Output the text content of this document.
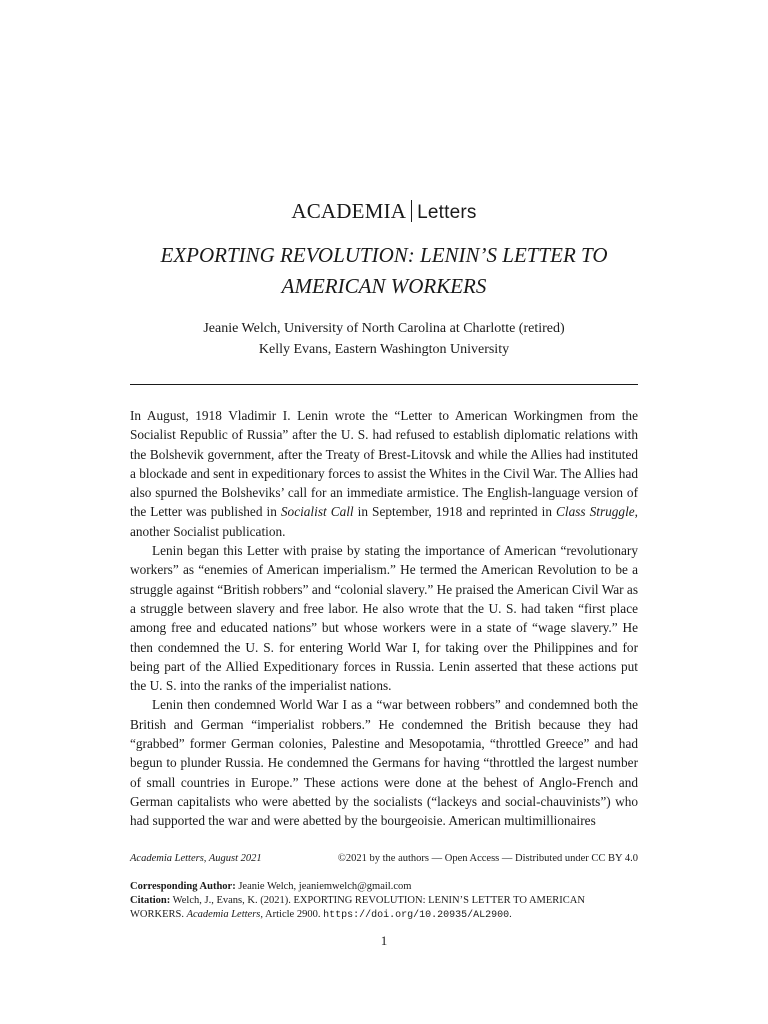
ACADEMIA Letters
EXPORTING REVOLUTION: LENIN’S LETTER TO
AMERICAN WORKERS
Jeanie Welch, University of North Carolina at Charlotte (retired)
Kelly Evans, Eastern Washington University

In August, 1918 Vladimir I. Lenin wrote the “Letter to American Workingmen from the Socialist Republic of Russia” after the U. S. had refused to establish diplomatic relations with the Bolshevik government, after the Treaty of Brest-Litovsk and while the Allies had instituted a blockade and sent in expeditionary forces to assist the Whites in the Civil War. The Allies had also spurned the Bolsheviks’ call for an immediate armistice. The English-language version of the Letter was published in Socialist Call in September, 1918 and reprinted in Class Struggle, another Socialist publication.

Lenin began this Letter with praise by stating the importance of American “revolutionary workers” as “enemies of American imperialism.” He termed the American Revolution to be a struggle against “British robbers” and “colonial slavery.” He praised the American Civil War as a struggle between slavery and free labor. He also wrote that the U. S. had taken “first place among free and educated nations” but whose workers were in a state of “wage slavery.” He then condemned the U. S. for entering World War I, for taking over the Philippines and for being part of the Allied Expeditionary forces in Russia. Lenin asserted that these actions put the U. S. into the ranks of the imperialist nations.

Lenin then condemned World War I as a “war between robbers” and condemned both the British and German “imperialist robbers.” He condemned the British because they had “grabbed” former German colonies, Palestine and Mesopotamia, “throttled Greece” and had begun to plunder Russia. He condemned the Germans for having “throttled the largest number of small countries in Europe.” These actions were done at the behest of Anglo-French and German capitalists who were abetted by the socialists (“lackeys and social-chauvinists”) who had supported the war and were abetted by the bourgeoisie. American multimillionaires

Academia Letters, August 2021	©2021 by the authors — Open Access — Distributed under CC BY 4.0
Corresponding Author: Jeanie Welch, jeaniemwelch@gmail.com
Citation: Welch, J., Evans, K. (2021). EXPORTING REVOLUTION: LENIN’S LETTER TO AMERICAN WORKERS. Academia Letters, Article 2900. https://doi.org/10.20935/AL2900.
1
